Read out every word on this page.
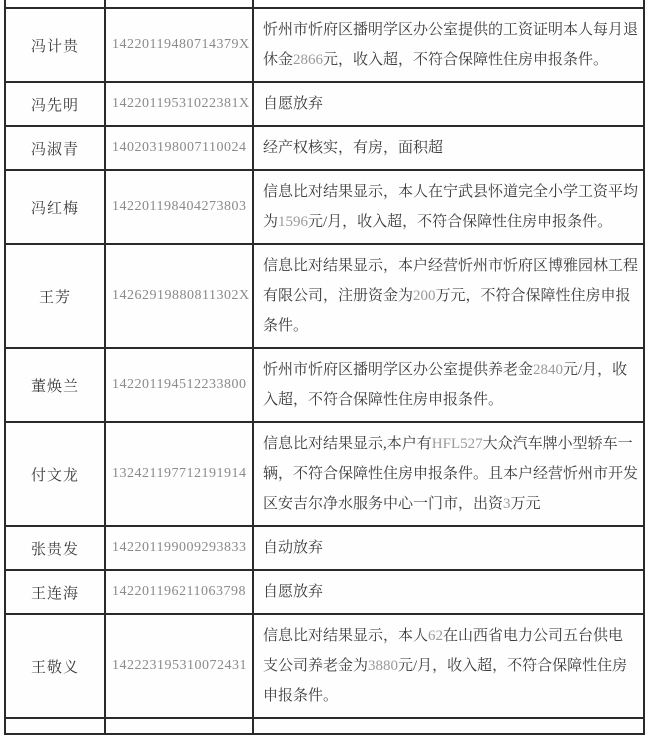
冯计贵	14220119480714379X	忻州市忻府区播明学区办公室提供的工资证明本人每月退休金2866元，收入超，不符合保障性住房申报条件。
冯先明	14220119531022381X	自愿放弃
冯淑青	140203198007110024	经产权核实，有房，面积超
冯红梅	142201198404273803	信息比对结果显示，本人在宁武县怀道完全小学工资平均为1596元/月，收入超，不符合保障性住房申报条件。
王芳	14262919880811302X	信息比对结果显示，本户经营忻州市忻府区博雅园林工程有限公司，注册资金为200万元，不符合保障性住房申报条件。
董焕兰	142201194512233800	忻州市忻府区播明学区办公室提供养老金2840元/月，收入超，不符合保障性住房申报条件。
付文龙	132421197712191914	信息比对结果显示,本户有HFL527大众汽车牌小型轿车一辆，不符合保障性住房申报条件。且本户经营忻州市开发区安吉尔净水服务中心一门市，出资3万元
张贵发	142201199009293833	自动放弃
王连海	142201196211063798	自愿放弃
王敬义	142223195310072431	信息比对结果显示，本人62在山西省电力公司五台供电支公司养老金为3880元/月，收入超，不符合保障性住房申报条件。
